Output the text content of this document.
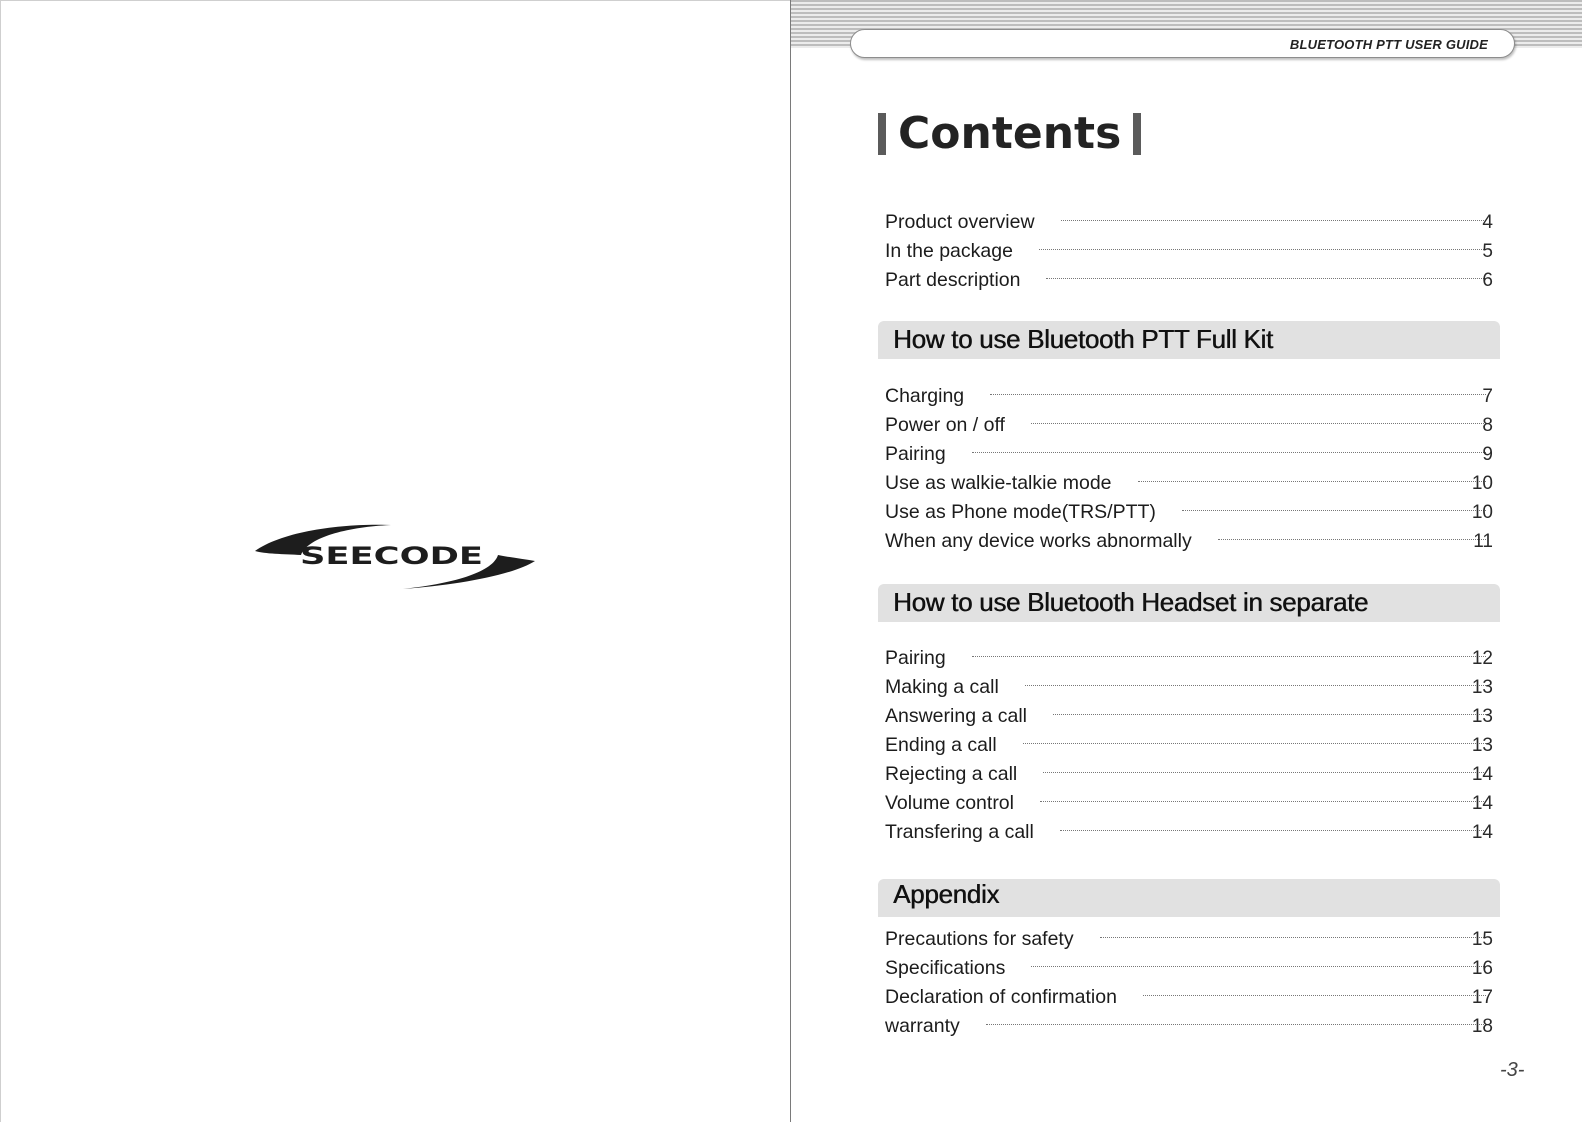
SEECODE
BLUETOOTH PTT USER GUIDE
Contents
Product overview	4
In the package	5
Part description	6
How to use Bluetooth PTT Full Kit
Charging	7
Power on / off	8
Pairing	9
Use as walkie-talkie mode	10
Use as Phone mode(TRS/PTT)	10
When any device works abnormally	11
How to use Bluetooth Headset in separate
Pairing	12
Making a call	13
Answering a call	13
Ending a call	13
Rejecting a call	14
Volume control	14
Transfering a call	14
Appendix
Precautions for safety	15
Specifications	16
Declaration of confirmation	17
warranty	18
-3-
